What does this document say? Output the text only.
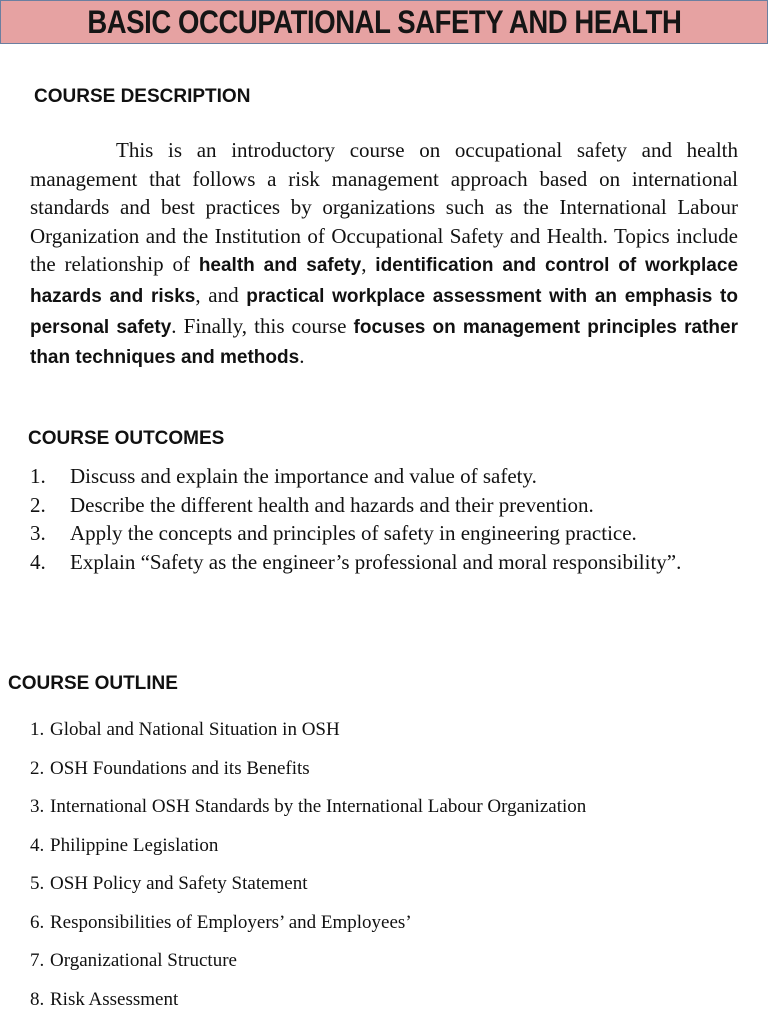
BASIC OCCUPATIONAL SAFETY AND HEALTH
COURSE DESCRIPTION
This is an introductory course on occupational safety and health management that follows a risk management approach based on international standards and best practices by organizations such as the International Labour Organization and the Institution of Occupational Safety and Health. Topics include the relationship of health and safety, identification and control of workplace hazards and risks, and practical workplace assessment with an emphasis to personal safety. Finally, this course focuses on management principles rather than techniques and methods.
COURSE OUTCOMES
1.	Discuss and explain the importance and value of safety.
2.	Describe the different health and hazards and their prevention.
3.	Apply the concepts and principles of safety in engineering practice.
4.	Explain “Safety as the engineer’s professional and moral responsibility”.
COURSE OUTLINE
1. Global and National Situation in OSH
2. OSH Foundations and its Benefits
3. International OSH Standards by the International Labour Organization
4. Philippine Legislation
5. OSH Policy and Safety Statement
6. Responsibilities of Employers’ and Employees’
7. Organizational Structure
8. Risk Assessment
